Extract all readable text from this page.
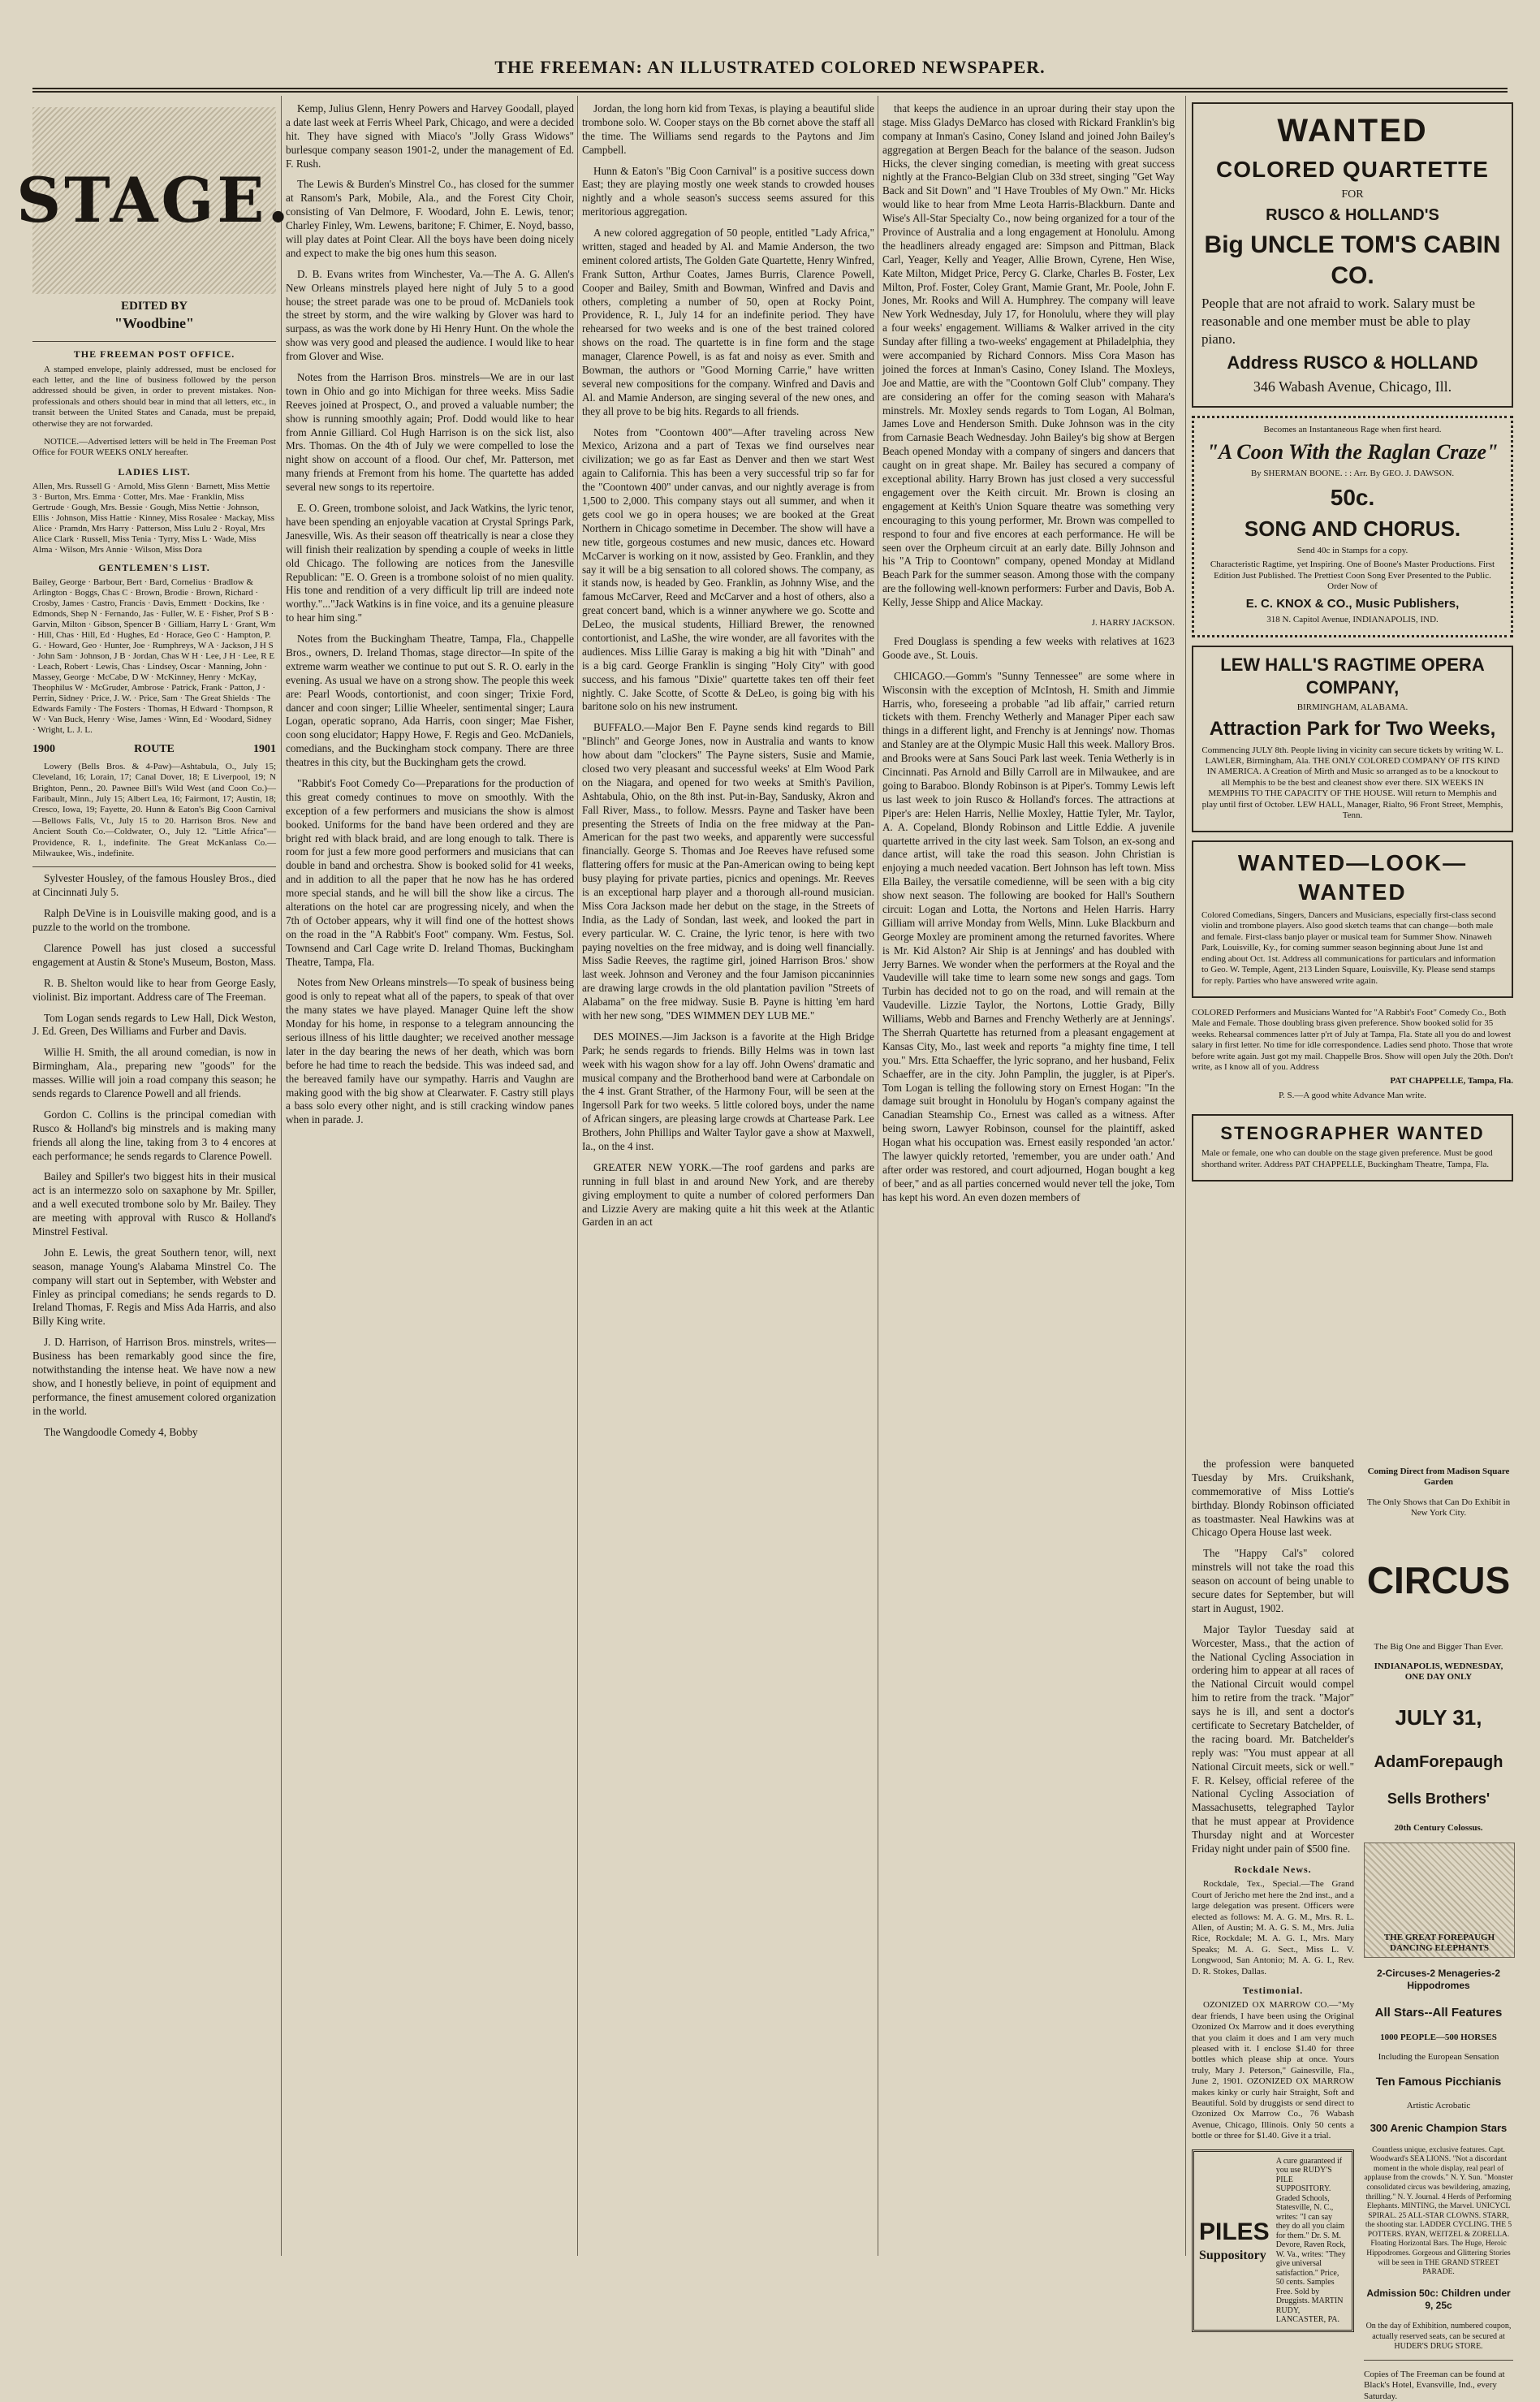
THE FREEMAN: AN ILLUSTRATED COLORED NEWSPAPER.
STAGE.

EDITED BY

"Woodbine"

THE FREEMAN POST OFFICE.

A stamped envelope, plainly addressed, must be enclosed for each letter, and the line of business followed by the person addressed should be given, in order to prevent mistakes. Non-professionals and others should bear in mind that all letters, etc., in transit between the United States and Canada, must be prepaid, otherwise they are not forwarded.

NOTICE.—Advertised letters will be held in The Freeman Post Office for FOUR WEEKS ONLY hereafter.

LADIES LIST.

Allen, Mrs. Russell G · Arnold, Miss Glenn · Barnett, Miss Mettie 3 · Burton, Mrs. Emma · Cotter, Mrs. Mae · Franklin, Miss Gertrude · Gough, Mrs. Bessie · Gough, Miss Nettie · Johnson, Ellis · Johnson, Miss Hattie · Kinney, Miss Rosalee · Mackay, Miss Alice · Pramdn, Mrs Harry · Patterson, Miss Lulu 2 · Royal, Mrs Alice Clark · Russell, Miss Tenia · Tyrry, Miss L · Wade, Miss Alma · Wilson, Mrs Annie · Wilson, Miss Dora

GENTLEMEN'S LIST.

Bailey, George · Barbour, Bert · Bard, Cornelius · Bradlow & Arlington · Boggs, Chas C · Brown, Brodie · Brown, Richard · Crosby, James · Castro, Francis · Davis, Emmett · Dockins, Ike · Edmonds, Shep N · Fernando, Jas · Fuller, W. E · Fisher, Prof S B · Garvin, Milton · Gibson, Spencer B · Gilliam, Harry L · Grant, Wm · Hill, Chas · Hill, Ed · Hughes, Ed · Horace, Geo C · Hampton, P. G. · Howard, Geo · Hunter, Joe · Rumphreys, W A · Jackson, J H S · John Sam · Johnson, J B · Jordan, Chas W H · Lee, J H · Lee, R E · Leach, Robert · Lewis, Chas · Lindsey, Oscar · Manning, John · Massey, George · McCabe, D W · McKinney, Henry · McKay, Theophilus W · McGruder, Ambrose · Patrick, Frank · Patton, J · Perrin, Sidney · Price, J. W. · Price, Sam · The Great Shields · The Edwards Family · The Fosters · Thomas, H Edward · Thompson, R W · Van Buck, Henry · Wise, James · Winn, Ed · Woodard, Sidney · Wright, L. J. L.

1900	ROUTE	1901

Lowery (Bells Bros. & 4-Paw)—Ashtabula, O., July 15; Cleveland, 16; Lorain, 17; Canal Dover, 18; E Liverpool, 19; N Brighton, Penn., 20. Pawnee Bill's Wild West (and Coon Co.)—Faribault, Minn., July 15; Albert Lea, 16; Fairmont, 17; Austin, 18; Cresco, Iowa, 19; Fayette, 20. Hunn & Eaton's Big Coon Carnival—Bellows Falls, Vt., July 15 to 20. Harrison Bros. New and Ancient South Co.—Coldwater, O., July 12. "Little Africa"—Providence, R. I., indefinite. The Great McKanlass Co.—Milwaukee, Wis., indefinite.

Sylvester Housley, of the famous Housley Bros., died at Cincinnati July 5.

Ralph DeVine is in Louisville making good, and is a puzzle to the world on the trombone.

Clarence Powell has just closed a successful engagement at Austin & Stone's Museum, Boston, Mass.

R. B. Shelton would like to hear from George Easly, violinist. Biz important. Address care of The Freeman.

Tom Logan sends regards to Lew Hall, Dick Weston, J. Ed. Green, Des Williams and Furber and Davis.

Willie H. Smith, the all around comedian, is now in Birmingham, Ala., preparing new "goods" for the masses. Willie will join a road company this season; he sends regards to Clarence Powell and all friends.

Gordon C. Collins is the principal comedian with Rusco & Holland's big minstrels and is making many friends all along the line, taking from 3 to 4 encores at each performance; he sends regards to Clarence Powell.

Bailey and Spiller's two biggest hits in their musical act is an intermezzo solo on saxaphone by Mr. Spiller, and a well executed trombone solo by Mr. Bailey. They are meeting with approval with Rusco & Holland's Minstrel Festival.

John E. Lewis, the great Southern tenor, will, next season, manage Young's Alabama Minstrel Co. The company will start out in September, with Webster and Finley as principal comedians; he sends regards to D. Ireland Thomas, F. Regis and Miss Ada Harris, and also Billy King write.

J. D. Harrison, of Harrison Bros. minstrels, writes—Business has been remarkably good since the fire, notwithstanding the intense heat. We have now a new show, and I honestly believe, in point of equipment and performance, the finest amusement colored organization in the world.

The Wangdoodle Comedy 4, Bobby

Kemp, Julius Glenn, Henry Powers and Harvey Goodall, played a date last week at Ferris Wheel Park, Chicago, and were a decided hit. They have signed with Miaco's "Jolly Grass Widows" burlesque company season 1901-2, under the management of Ed. F. Rush.

The Lewis & Burden's Minstrel Co., has closed for the summer at Ransom's Park, Mobile, Ala., and the Forest City Choir, consisting of Van Delmore, F. Woodard, John E. Lewis, tenor; Charley Finley, Wm. Lewens, baritone; F. Chimer, E. Noyd, basso, will play dates at Point Clear. All the boys have been doing nicely and expect to make the big ones hum this season.

D. B. Evans writes from Winchester, Va.—The A. G. Allen's New Orleans minstrels played here night of July 5 to a good house; the street parade was one to be proud of. McDaniels took the street by storm, and the wire walking by Glover was hard to surpass, as was the work done by Hi Henry Hunt. On the whole the show was very good and pleased the audience. I would like to hear from Glover and Wise.

Notes from the Harrison Bros. minstrels—We are in our last town in Ohio and go into Michigan for three weeks. Miss Sadie Reeves joined at Prospect, O., and proved a valuable number; the show is running smoothly again; Prof. Dodd would like to hear from Annie Gilliard. Col Hugh Harrison is on the sick list, also Mrs. Thomas. On the 4th of July we were compelled to lose the night show on account of a flood. Our chef, Mr. Patterson, met many friends at Fremont from his home. The quartette has added several new songs to its repertoire.

E. O. Green, trombone soloist, and Jack Watkins, the lyric tenor, have been spending an enjoyable vacation at Crystal Springs Park, Janesville, Wis. As their season off theatrically is near a close they will finish their realization by spending a couple of weeks in little old Chicago. The following are notices from the Janesville Republican: "E. O. Green is a trombone soloist of no mien quality. His tone and rendition of a very difficult lip trill are indeed note worthy."..."Jack Watkins is in fine voice, and its a genuine pleasure to hear him sing."

Notes from the Buckingham Theatre, Tampa, Fla., Chappelle Bros., owners, D. Ireland Thomas, stage director—In spite of the extreme warm weather we continue to put out S. R. O. early in the evening. As usual we have on a strong show. The people this week are: Pearl Woods, contortionist, and coon singer; Trixie Ford, dancer and coon singer; Lillie Wheeler, sentimental singer; Laura Logan, operatic soprano, Ada Harris, coon singer; Mae Fisher, coon song elucidator; Happy Howe, F. Regis and Geo. McDaniels, comedians, and the Buckingham stock company. There are three theatres in this city, but the Buckingham gets the crowd.

"Rabbit's Foot Comedy Co—Preparations for the production of this great comedy continues to move on smoothly. With the exception of a few performers and musicians the show is almost booked. Uniforms for the band have been ordered and they are bright red with black braid, and are long enough to talk. There is room for just a few more good performers and musicians that can double in band and orchestra. Show is booked solid for 41 weeks, and in addition to all the paper that he now has he has ordered more special stands, and he will bill the show like a circus. The alterations on the hotel car are progressing nicely, and when the 7th of October appears, why it will find one of the hottest shows on the road in the "A Rabbit's Foot" company. Wm. Festus, Sol. Townsend and Carl Cage write D. Ireland Thomas, Buckingham Theatre, Tampa, Fla.

Notes from New Orleans minstrels—To speak of business being good is only to repeat what all of the papers, to speak of that over the many states we have played. Manager Quine left the show Monday for his home, in response to a telegram announcing the serious illness of his little daughter; we received another message later in the day bearing the news of her death, which was born before he had time to reach the bedside. This was indeed sad, and the bereaved family have our sympathy. Harris and Vaughn are making good with the big show at Clearwater. F. Castry still plays a bass solo every other night, and is still cracking window panes when in parade. J.

Jordan, the long horn kid from Texas, is playing a beautiful slide trombone solo. W. Cooper stays on the Bb cornet above the staff all the time. The Williams send regards to the Paytons and Jim Campbell.

Hunn & Eaton's "Big Coon Carnival" is a positive success down East; they are playing mostly one week stands to crowded houses nightly and a whole season's success seems assured for this meritorious aggregation.

A new colored aggregation of 50 people, entitled "Lady Africa," written, staged and headed by Al. and Mamie Anderson, the two eminent colored artists, The Golden Gate Quartette, Henry Winfred, Frank Sutton, Arthur Coates, James Burris, Clarence Powell, Cooper and Bailey, Smith and Bowman, Winfred and Davis and others, completing a number of 50, open at Rocky Point, Providence, R. I., July 14 for an indefinite period. They have rehearsed for two weeks and is one of the best trained colored shows on the road. The quartette is in fine form and the stage manager, Clarence Powell, is as fat and noisy as ever. Smith and Bowman, the authors or "Good Morning Carrie," have written several new compositions for the company. Winfred and Davis and Al. and Mamie Anderson, are singing several of the new ones, and they all prove to be big hits. Regards to all friends.

Notes from "Coontown 400"—After traveling across New Mexico, Arizona and a part of Texas we find ourselves near civilization; we go as far East as Denver and then we start West again to California. This has been a very successful trip so far for the "Coontown 400" under canvas, and our nightly average is from 1,500 to 2,000. This company stays out all summer, and when it gets cool we go in opera houses; we are booked at the Great Northern in Chicago sometime in December. The show will have a new title, gorgeous costumes and new music, dances etc. Howard McCarver is working on it now, assisted by Geo. Franklin, and they say it will be a big sensation to all colored shows. The company, as it stands now, is headed by Geo. Franklin, as Johnny Wise, and the famous McCarver, Reed and McCarver and a host of others, also a great concert band, which is a winner anywhere we go. Scotte and DeLeo, the musical students, Hilliard Brewer, the renowned contortionist, and LaShe, the wire wonder, are all favorites with the audiences. Miss Lillie Garay is making a big hit with "Dinah" and is a big card. George Franklin is singing "Holy City" with good success, and his famous "Dixie" quartette takes ten off their feet nightly. C. Jake Scotte, of Scotte & DeLeo, is going big with his baritone solo on his new instrument.

BUFFALO.—Major Ben F. Payne sends kind regards to Bill "Blinch" and George Jones, now in Australia and wants to know how about dam "clockers" The Payne sisters, Susie and Mamie, closed two very pleasant and successful weeks' at Elm Wood Park on the Niagara, and opened for two weeks at Smith's Pavilion, Ashtabula, Ohio, on the 8th inst. Put-in-Bay, Sandusky, Akron and Fall River, Mass., to follow. Messrs. Payne and Tasker have been presenting the Streets of India on the free midway at the Pan-American for the past two weeks, and apparently were successful financially. George S. Thomas and Joe Reeves have refused some flattering offers for music at the Pan-American owing to being kept busy playing for private parties, picnics and openings. Mr. Reeves is an exceptional harp player and a thorough all-round musician. Miss Cora Jackson made her debut on the stage, in the Streets of India, as the Lady of Sondan, last week, and looked the part in every particular. W. C. Craine, the lyric tenor, is here with two paying novelties on the free midway, and is doing well financially. Miss Sadie Reeves, the ragtime girl, joined Harrison Bros.' show last week. Johnson and Veroney and the four Jamison piccaninnies are drawing large crowds in the old plantation pavilion "Streets of Alabama" on the free midway. Susie B. Payne is hitting 'em hard with her new song, "DES WIMMEN DEY LUB ME."

DES MOINES.—Jim Jackson is a favorite at the High Bridge Park; he sends regards to friends. Billy Helms was in town last week with his wagon show for a lay off. John Owens' dramatic and musical company and the Brotherhood band were at Carbondale on the 4 inst. Grant Strather, of the Harmony Four, will be seen at the Ingersoll Park for two weeks. 5 little colored boys, under the name of African singers, are pleasing large crowds at Chartease Park. Lee Brothers, John Phillips and Walter Taylor gave a show at Maxwell, Ia., on the 4 inst.

GREATER NEW YORK.—The roof gardens and parks are running in full blast in and around New York, and are thereby giving employment to quite a number of colored performers Dan and Lizzie Avery are making quite a hit this week at the Atlantic Garden in an act

that keeps the audience in an uproar during their stay upon the stage. Miss Gladys DeMarco has closed with Rickard Franklin's big company at Inman's Casino, Coney Island and joined John Bailey's aggregation at Bergen Beach for the balance of the season. Judson Hicks, the clever singing comedian, is meeting with great success nightly at the Franco-Belgian Club on 33d street, singing "Get Way Back and Sit Down" and "I Have Troubles of My Own." Mr. Hicks would like to hear from Mme Leota Harris-Blackburn. Dante and Wise's All-Star Specialty Co., now being organized for a tour of the Province of Australia and a long engagement at Honolulu. Among the headliners already engaged are: Simpson and Pittman, Black Carl, Yeager, Kelly and Yeager, Allie Brown, Cyrene, Hen Wise, Kate Milton, Midget Price, Percy G. Clarke, Charles B. Foster, Lex Milton, Prof. Foster, Coley Grant, Mamie Grant, Mr. Poole, John F. Jones, Mr. Rooks and Will A. Humphrey. The company will leave New York Wednesday, July 17, for Honolulu, where they will play a four weeks' engagement. Williams & Walker arrived in the city Sunday after filling a two-weeks' engagement at Philadelphia, they were accompanied by Richard Connors. Miss Cora Mason has joined the forces at Inman's Casino, Coney Island. The Moxleys, Joe and Mattie, are with the "Coontown Golf Club" company. They are considering an offer for the coming season with Mahara's minstrels. Mr. Moxley sends regards to Tom Logan, Al Bolman, James Love and Henderson Smith. Duke Johnson was in the city from Carnasie Beach Wednesday. John Bailey's big show at Bergen Beach opened Monday with a company of singers and dancers that caught on in great shape. Mr. Bailey has secured a company of exceptional ability. Harry Brown has just closed a very successful engagement over the Keith circuit. Mr. Brown is closing an engagement at Keith's Union Square theatre was something very encouraging to this young performer, Mr. Brown was compelled to respond to four and five encores at each performance. He will be seen over the Orpheum circuit at an early date. Billy Johnson and his "A Trip to Coontown" company, opened Monday at Midland Beach Park for the summer season. Among those with the company are the following well-known performers: Furber and Davis, Bob A. Kelly, Jesse Shipp and Alice Mackay.

J. HARRY JACKSON.

Fred Douglass is spending a few weeks with relatives at 1623 Goode ave., St. Louis.

CHICAGO.—Gomm's "Sunny Tennessee" are some where in Wisconsin with the exception of McIntosh, H. Smith and Jimmie Harris, who, foreseeing a probable "ad lib affair," carried return tickets with them. Frenchy Wetherly and Manager Piper each saw things in a different light, and Frenchy is at Jennings' now. Thomas and Stanley are at the Olympic Music Hall this week. Mallory Bros. and Brooks were at Sans Souci Park last week. Tenia Wetherly is in Cincinnati. Pas Arnold and Billy Carroll are in Milwaukee, and are going to Baraboo. Blondy Robinson is at Piper's. Tommy Lewis left us last week to join Rusco & Holland's forces. The attractions at Piper's are: Helen Harris, Nellie Moxley, Hattie Tyler, Mr. Taylor, A. A. Copeland, Blondy Robinson and Little Eddie. A juvenile quartette arrived in the city last week. Sam Tolson, an ex-song and dance artist, will take the road this season. John Christian is enjoying a much needed vacation. Bert Johnson has left town. Miss Ella Bailey, the versatile comedienne, will be seen with a big city show next season. The following are booked for Hall's Southern circuit: Logan and Lotta, the Nortons and Helen Harris. Harry Gilliam will arrive Monday from Wells, Minn. Luke Blackburn and George Moxley are prominent among the returned favorites. Where is Mr. Kid Alston? Air Ship is at Jennings' and has doubled with Jerry Barnes. We wonder when the performers at the Royal and the Vaudeville will take time to learn some new songs and gags. Tom Turbin has decided not to go on the road, and will remain at the Vaudeville. Lizzie Taylor, the Nortons, Lottie Grady, Billy Williams, Webb and Barnes and Frenchy Wetherly are at Jennings'. The Sherrah Quartette has returned from a pleasant engagement at Kansas City, Mo., last week and reports "a mighty fine time, I tell you." Mrs. Etta Schaeffer, the lyric soprano, and her husband, Felix Schaeffer, are in the city. John Pamplin, the juggler, is at Piper's. Tom Logan is telling the following story on Ernest Hogan: "In the damage suit brought in Honolulu by Hogan's company against the Canadian Steamship Co., Ernest was called as a witness. After being sworn, Lawyer Robinson, counsel for the plaintiff, asked Hogan what his occupation was. Ernest easily responded 'an actor.' The lawyer quickly retorted, 'remember, you are under oath.' And after order was restored, and court adjourned, Hogan bought a keg of beer," and as all parties concerned would never tell the joke, Tom has kept his word. An even dozen members of

WANTED

COLORED QUARTETTE

FOR

RUSCO & HOLLAND'S

Big UNCLE TOM'S CABIN CO.

People that are not afraid to work. Salary must be reasonable and one member must be able to play piano.

Address RUSCO & HOLLAND

346 Wabash Avenue, Chicago, Ill.

Becomes an Instantaneous Rage when first heard.

"A Coon With the Raglan Craze"

By SHERMAN BOONE. : : Arr. By GEO. J. DAWSON.

50c.

SONG AND CHORUS.

Send 40c in Stamps for a copy.

Characteristic Ragtime, yet Inspiring. One of Boone's Master Productions. First Edition Just Published. The Prettiest Coon Song Ever Presented to the Public. Order Now of

E. C. KNOX & CO., Music Publishers,

318 N. Capitol Avenue, INDIANAPOLIS, IND.

LEW HALL'S RAGTIME OPERA COMPANY,

BIRMINGHAM, ALABAMA.

Attraction Park for Two Weeks,

Commencing JULY 8th. People living in vicinity can secure tickets by writing W. L. LAWLER, Birmingham, Ala. THE ONLY COLORED COMPANY OF ITS KIND IN AMERICA. A Creation of Mirth and Music so arranged as to be a knockout to all Memphis to be the best and cleanest show ever there. SIX WEEKS IN MEMPHIS TO THE CAPACITY OF THE HOUSE. Will return to Memphis and play until first of October. LEW HALL, Manager, Rialto, 96 Front Street, Memphis, Tenn.

WANTED—LOOK—WANTED

Colored Comedians, Singers, Dancers and Musicians, especially first-class second violin and trombone players. Also good sketch teams that can change—both male and female. First-class banjo player or musical team for Summer Show. Ninaweh Park, Louisville, Ky., for coming summer season beginning about June 1st and ending about Oct. 1st. Address all communications for particulars and information to Geo. W. Temple, Agent, 213 Linden Square, Louisville, Ky. Please send stamps for reply. Parties who have answered write again.

COLORED Performers and Musicians Wanted for "A Rabbit's Foot" Comedy Co., Both Male and Female. Those doubling brass given preference. Show booked solid for 35 weeks. Rehearsal commences latter p'rt of July at Tampa, Fla. State all you do and lowest salary in first letter. No time for idle correspondence. Ladies send photo. Those that wrote before write again. Just got my mail. Chappelle Bros. Show will open July the 20th. Don't write, as I know all of you. Address

PAT CHAPPELLE, Tampa, Fla.

P. S.—A good white Advance Man write.

STENOGRAPHER WANTED

Male or female, one who can double on the stage given preference. Must be good shorthand writer. Address PAT CHAPPELLE, Buckingham Theatre, Tampa, Fla.

the profession were banqueted Tuesday by Mrs. Cruikshank, commemorative of Miss Lottie's birthday. Blondy Robinson officiated as toastmaster. Neal Hawkins was at Chicago Opera House last week.

The "Happy Cal's" colored minstrels will not take the road this season on account of being unable to secure dates for September, but will start in August, 1902.

Major Taylor Tuesday said at Worcester, Mass., that the action of the National Cycling Association in ordering him to appear at all races of the National Circuit would compel him to retire from the track. "Major" says he is ill, and sent a doctor's certificate to Secretary Batchelder, of the racing board. Mr. Batchelder's reply was: "You must appear at all National Circuit meets, sick or well." F. R. Kelsey, official referee of the National Cycling Association of Massachusetts, telegraphed Taylor that he must appear at Providence Thursday night and at Worcester Friday night under pain of $500 fine.

Rockdale News.

Rockdale, Tex., Special.—The Grand Court of Jericho met here the 2nd inst., and a large delegation was present. Officers were elected as follows: M. A. G. M., Mrs. R. L. Allen, of Austin; M. A. G. S. M., Mrs. Julia Rice, Rockdale; M. A. G. I., Mrs. Mary Speaks; M. A. G. Sect., Miss L. V. Longwood, San Antonio; M. A. G. I., Rev. D. R. Stokes, Dallas.

Testimonial.

OZONIZED OX MARROW CO.—"My dear friends, I have been using the Original Ozonized Ox Marrow and it does everything that you claim it does and I am very much pleased with it. I enclose $1.40 for three bottles which please ship at once. Yours truly, Mary J. Peterson," Gainesville, Fla., June 2, 1901. OZONIZED OX MARROW makes kinky or curly hair Straight, Soft and Beautiful. Sold by druggists or send direct to Ozonized Ox Marrow Co., 76 Wabash Avenue, Chicago, Illinois. Only 50 cents a bottle or three for $1.40. Give it a trial.

PILES
Suppository
A cure guaranteed if you use RUDY'S PILE SUPPOSITORY. Graded Schools, Statesville, N. C., writes: "I can say they do all you claim for them." Dr. S. M. Devore, Raven Rock, W. Va., writes: "They give universal satisfaction." Price, 50 cents. Samples Free. Sold by Druggists. MARTIN RUDY, LANCASTER, PA.

Coming Direct from Madison Square Garden

The Only Shows that Can Do Exhibit in New York City.

CIRCUS

The Big One and Bigger Than Ever.

INDIANAPOLIS, WEDNESDAY, ONE DAY ONLY

JULY 31,

AdamForepaugh

Sells Brothers'

20th Century Colossus.

THE GREAT FOREPAUGH DANCING ELEPHANTS

2-Circuses-2 Menageries-2 Hippodromes

All Stars--All Features

1000 PEOPLE—500 HORSES

Including the European Sensation

Ten Famous Picchianis

Artistic Acrobatic

300 Arenic Champion Stars

Countless unique, exclusive features. Capt. Woodward's SEA LIONS. "Not a discordant moment in the whole display, real pearl of applause from the crowds." N. Y. Sun. "Monster consolidated circus was bewildering, amazing, thrilling." N. Y. Journal. 4 Herds of Performing Elephants. MINTING, the Marvel. UNICYCL SPIRAL. 25 ALL-STAR CLOWNS. STARR, the shooting star. LADDER CYCLING. THE 5 POTTERS. RYAN, WEITZEL & ZORELLA. Floating Horizontal Bars. The Huge, Heroic Hippodromes. Gorgeous and Glittering Stories will be seen in THE GRAND STREET PARADE.

Admission 50c: Children under 9, 25c

On the day of Exhibition, numbered coupon, actually reserved seats, can be secured at HUDER'S DRUG STORE.

Copies of The Freeman can be found at Black's Hotel, Evansville, Ind., every Saturday.
